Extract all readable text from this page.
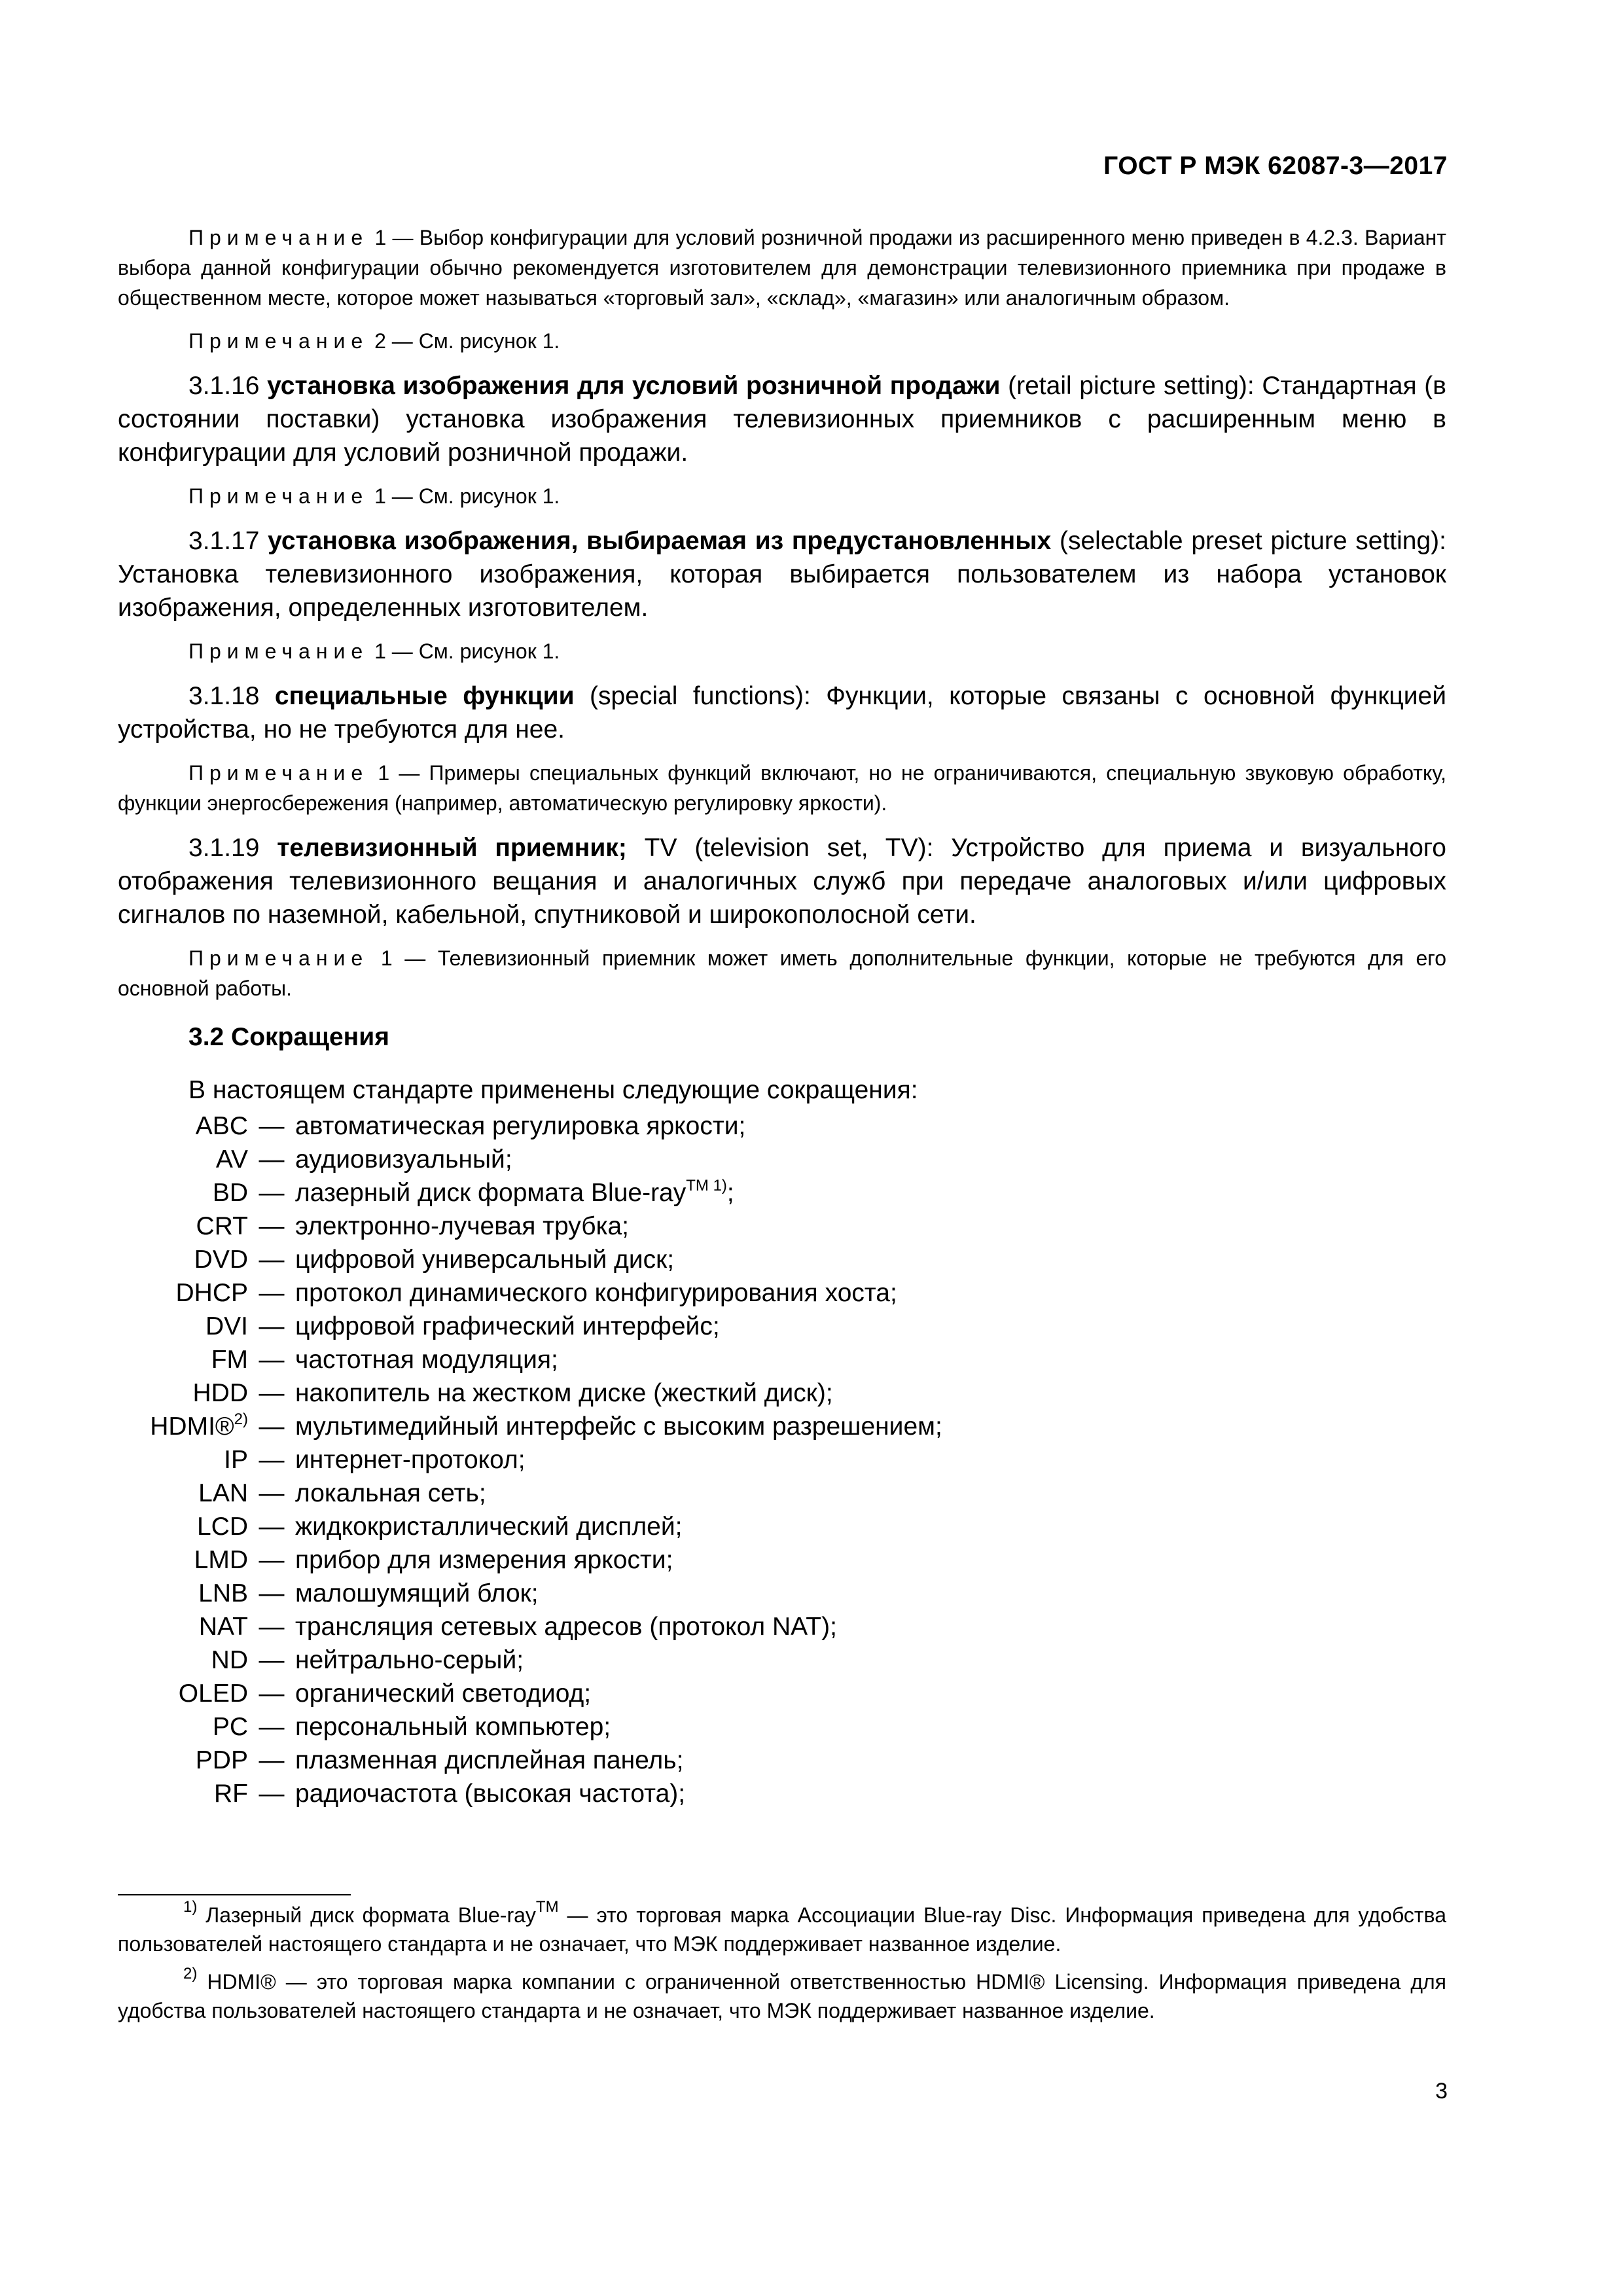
ГОСТ Р МЭК 62087-3—2017

Примечание 1 — Выбор конфигурации для условий розничной продажи из расширенного меню приведен в 4.2.3. Вариант выбора данной конфигурации обычно рекомендуется изготовителем для демонстрации телевизионного приемника при продаже в общественном месте, которое может называться «торговый зал», «склад», «магазин» или аналогичным образом.

Примечание 2 — См. рисунок 1.

3.1.16 установка изображения для условий розничной продажи (retail picture setting): Стандартная (в состоянии поставки) установка изображения телевизионных приемников с расширенным меню в конфигурации для условий розничной продажи.

Примечание 1 — См. рисунок 1.

3.1.17 установка изображения, выбираемая из предустановленных (selectable preset picture setting): Установка телевизионного изображения, которая выбирается пользователем из набора установок изображения, определенных изготовителем.

Примечание 1 — См. рисунок 1.

3.1.18 специальные функции (special functions): Функции, которые связаны с основной функцией устройства, но не требуются для нее.

Примечание 1 — Примеры специальных функций включают, но не ограничиваются, специальную звуковую обработку, функции энергосбережения (например, автоматическую регулировку яркости).

3.1.19 телевизионный приемник; TV (television set, TV): Устройство для приема и визуального отображения телевизионного вещания и аналогичных служб при передаче аналоговых и/или цифровых сигналов по наземной, кабельной, спутниковой и широкополосной сети.

Примечание 1 — Телевизионный приемник может иметь дополнительные функции, которые не требуются для его основной работы.

3.2 Сокращения
В настоящем стандарте применены следующие сокращения:
ABC — автоматическая регулировка яркости;
AV — аудиовизуальный;
BD — лазерный диск формата Blue-ray$^{TM 1)}$;
CRT — электронно-лучевая трубка;
DVD — цифровой универсальный диск;
DHCP — протокол динамического конфигурирования хоста;
DVI — цифровой графический интерфейс;
FM — частотная модуляция;
HDD — накопитель на жестком диске (жесткий диск);
HDMI®$^{2)}$ — мультимедийный интерфейс с высоким разрешением;
IP — интернет-протокол;
LAN — локальная сеть;
LCD — жидкокристаллический дисплей;
LMD — прибор для измерения яркости;
LNB — малошумящий блок;
NAT — трансляция сетевых адресов (протокол NAT);
ND — нейтрально-серый;
OLED — органический светодиод;
PC — персональный компьютер;
PDP — плазменная дисплейная панель;
RF — радиочастота (высокая частота);

$^{1)}$ Лазерный диск формата Blue-ray™ — это торговая марка Ассоциации Blue-ray Disc. Информация приведена для удобства пользователей настоящего стандарта и не означает, что МЭК поддерживает названное изделие.

$^{2)}$ HDMI® — это торговая марка компании с ограниченной ответственностью HDMI® Licensing. Информация приведена для удобства пользователей настоящего стандарта и не означает, что МЭК поддерживает названное изделие.

3
